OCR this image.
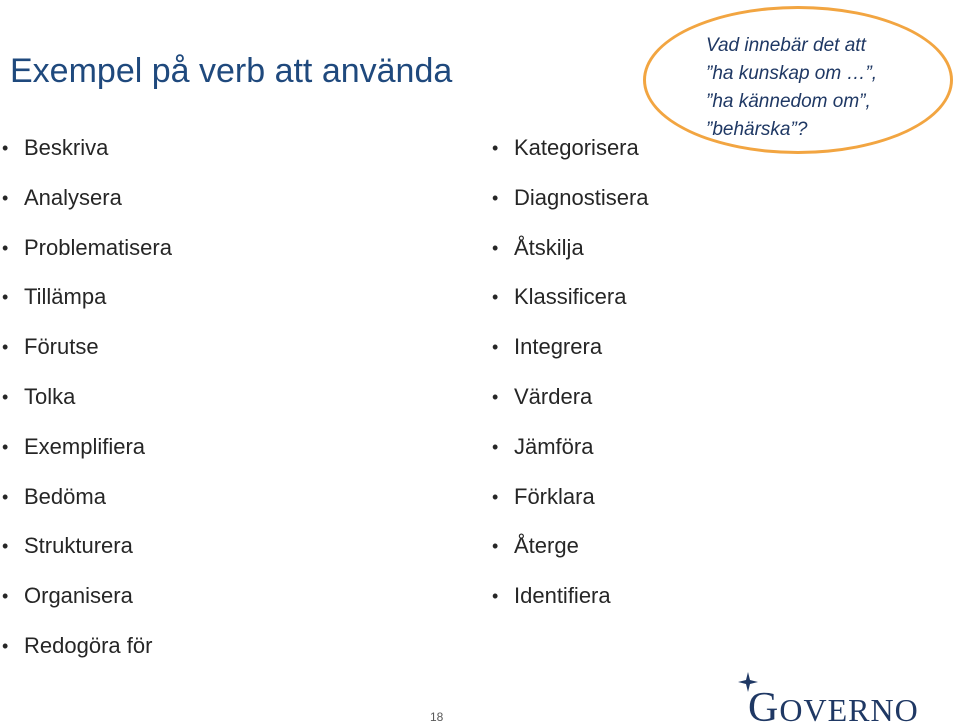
Exempel på verb att använda
• Beskriva
• Analysera
• Problematisera
• Tillämpa
• Förutse
• Tolka
• Exemplifiera
• Bedöma
• Strukturera
• Organisera
• Redogöra för
• Kategorisera
• Diagnostisera
• Åtskilja
• Klassificera
• Integrera
• Värdera
• Jämföra
• Förklara
• Återge
• Identifiera
Vad innebär det att
”ha kunskap om …”,
”ha kännedom om”,
”behärska”?
18	GOVERNO
